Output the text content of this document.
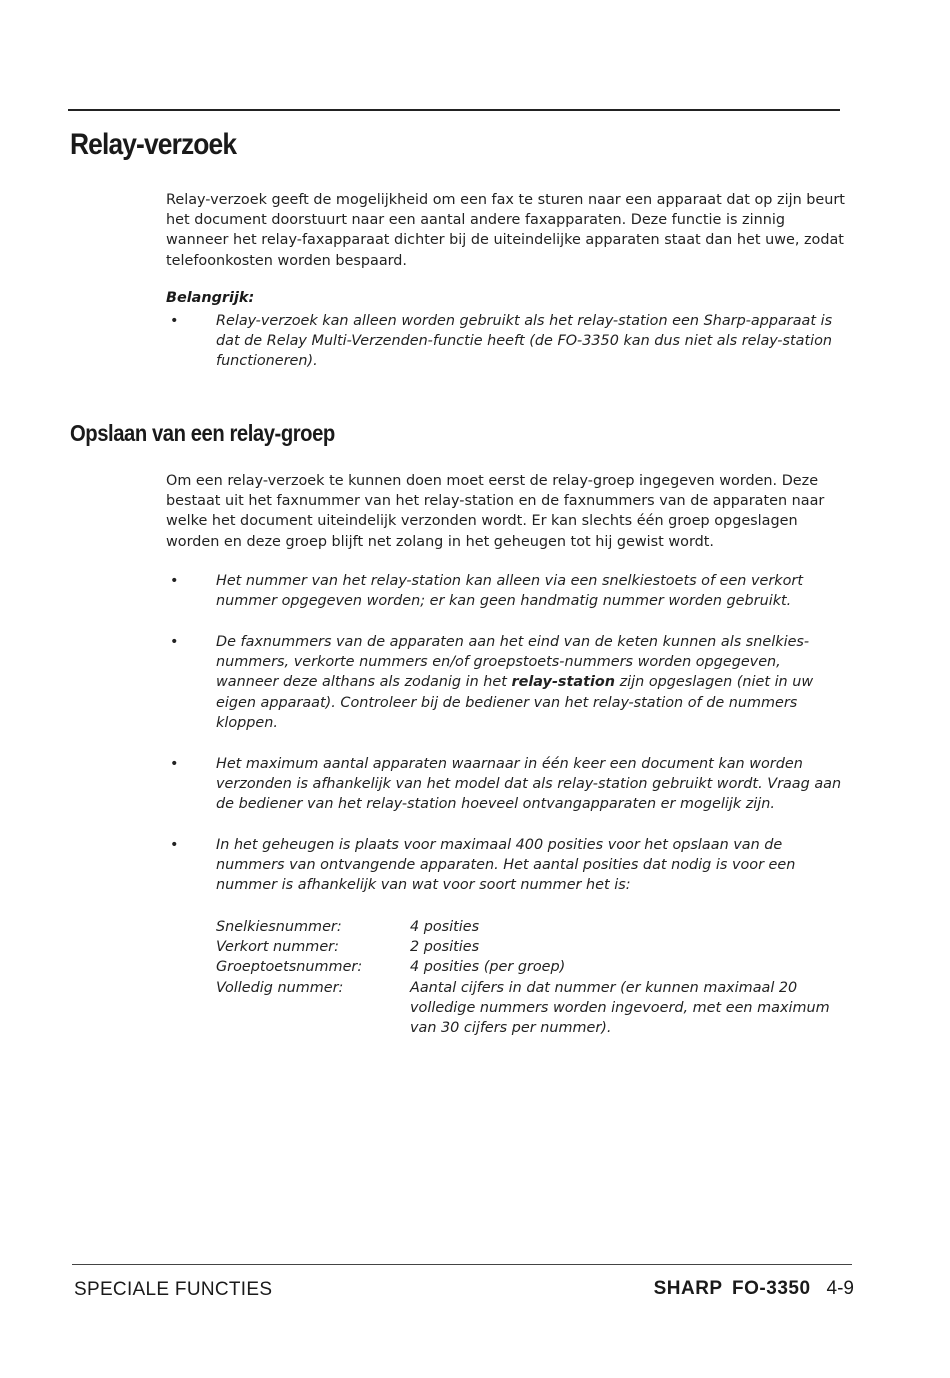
Relay-verzoek

Relay-verzoek geeft de mogelijkheid om een fax te sturen naar een apparaat dat op zijn beurt het document doorstuurt naar een aantal andere faxapparaten. Deze functie is zinnig wanneer het relay-faxapparaat dichter bij de uiteindelijke apparaten staat dan het uwe, zodat telefoonkosten worden bespaard.

Belangrijk:

•	Relay-verzoek kan alleen worden gebruikt als het relay-station een Sharp-apparaat is dat de Relay Multi-Verzenden-functie heeft (de FO-3350 kan dus niet als relay-station functioneren).
Opslaan van een relay-groep

Om een relay-verzoek te kunnen doen moet eerst de relay-groep ingegeven worden. Deze bestaat uit het faxnummer van het relay-station en de faxnummers van de apparaten naar welke het document uiteindelijk verzonden wordt. Er kan slechts één groep opgeslagen worden en deze groep blijft net zolang in het geheugen tot hij gewist wordt.

•	Het nummer van het relay-station kan alleen via een snelkiestoets of een verkort nummer opgegeven worden; er kan geen handmatig nummer worden gebruikt.
•	De faxnummers van de apparaten aan het eind van de keten kunnen als snelkies-nummers, verkorte nummers en/of groepstoets-nummers worden opgegeven, wanneer deze althans als zodanig in het relay-station zijn opgeslagen (niet in uw eigen apparaat). Controleer bij de bediener van het relay-station of de nummers kloppen.
•	Het maximum aantal apparaten waarnaar in één keer een document kan worden verzonden is afhankelijk van het model dat als relay-station gebruikt wordt. Vraag aan de bediener van het relay-station hoeveel ontvangapparaten er mogelijk zijn.
•	In het geheugen is plaats voor maximaal 400 posities voor het opslaan van de nummers van ontvangende apparaten. Het aantal posities dat nodig is voor een nummer is afhankelijk van wat voor soort nummer het is:
Snelkiesnummer:	4 posities
Verkort nummer:	2 posities
Groeptoetsnummer:	4 posities (per groep)
Volledig nummer:	Aantal cijfers in dat nummer (er kunnen maximaal 20 volledige nummers worden ingevoerd, met een maximum van 30 cijfers per nummer).
SPECIALE FUNCTIES	SHARP FO-3350 4-9
